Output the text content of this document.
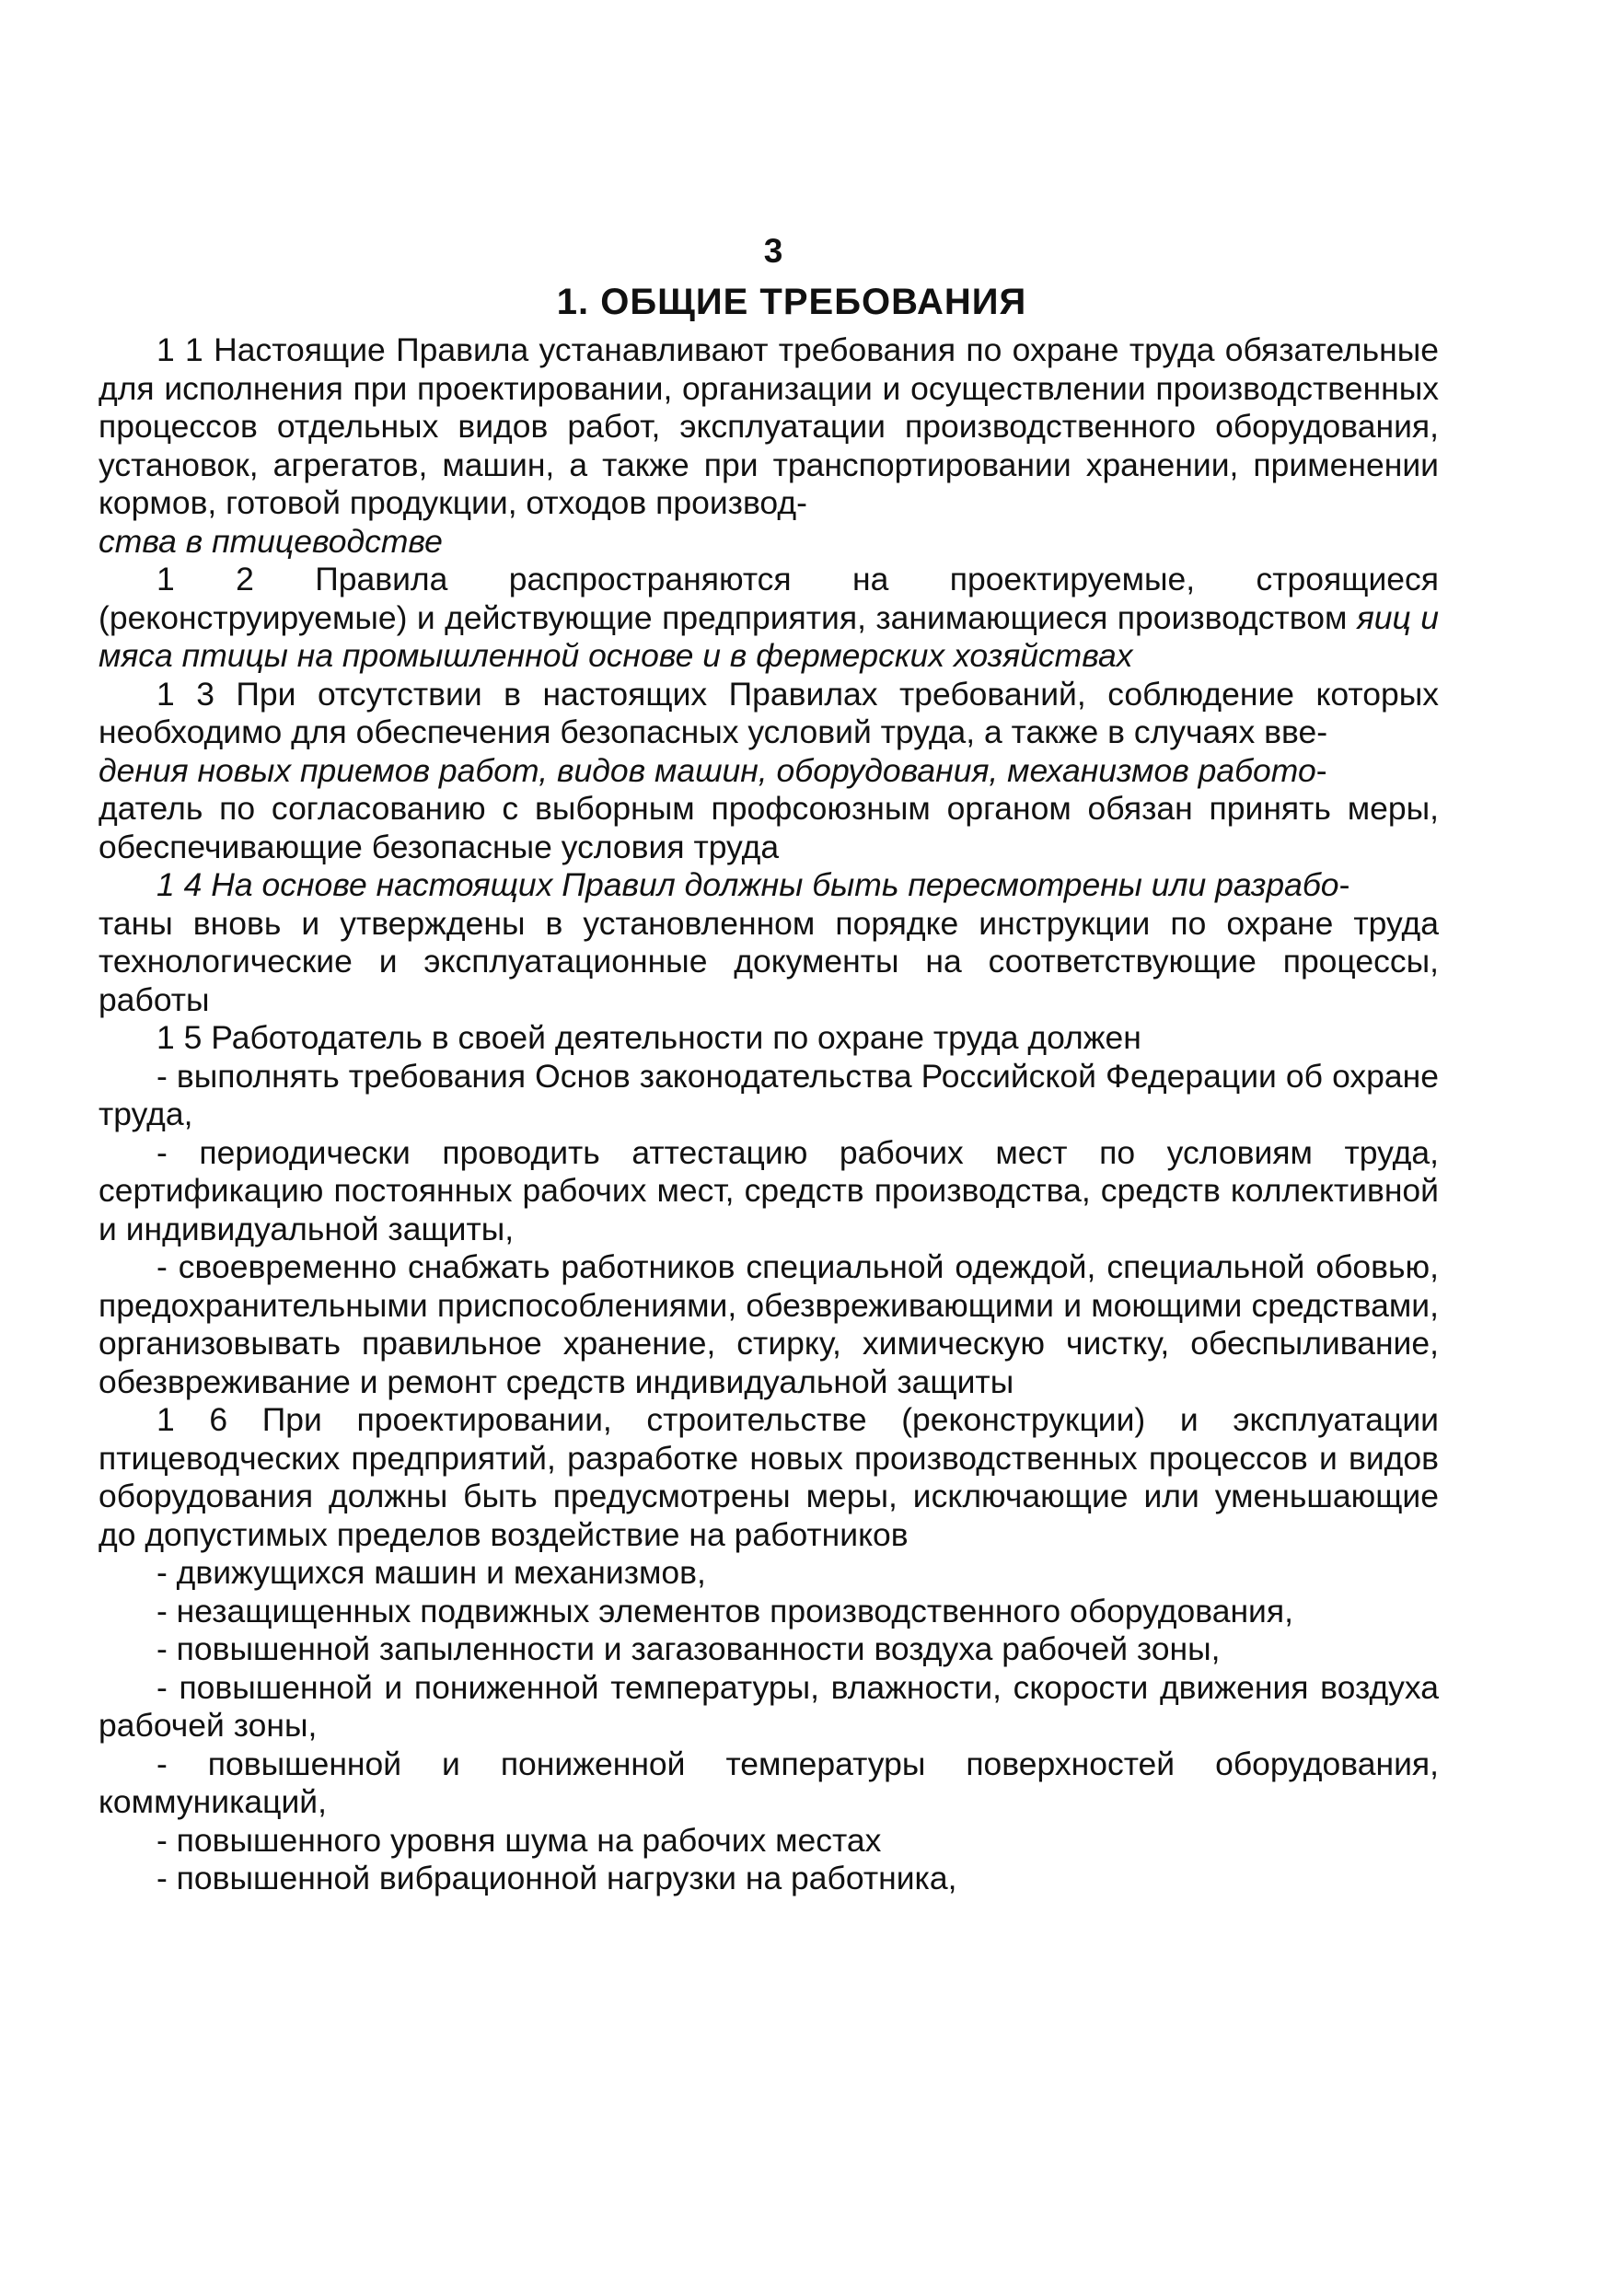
3
1. ОБЩИЕ ТРЕБОВАНИЯ

1 1 Настоящие Правила устанавливают требования по охране труда обязательные для исполнения при проектировании, организации и осуществлении производственных процессов отдельных видов работ, эксплуатации производственного оборудования, установок, агрегатов, машин, а также при транспортировании хранении, применении кормов, готовой продукции, отходов производ-
ства в птицеводстве

1 2 Правила распространяются на проектируемые, строящиеся (реконструируемые) и действующие предприятия, занимающиеся производством яиц и мяса птицы на промышленной основе и в фермерских хозяйствах

1 3 При отсутствии в настоящих Правилах требований, соблюдение которых необходимо для обеспечения безопасных условий труда, а также в случаях вве-
дения новых приемов работ, видов машин, оборудования, механизмов работо-
датель по согласованию с выборным профсоюзным органом обязан принять меры, обеспечивающие безопасные условия труда

1 4 На основе настоящих Правил должны быть пересмотрены или разрабо-
таны вновь и утверждены в установленном порядке инструкции по охране труда технологические и эксплуатационные документы на соответствующие процессы, работы

1 5 Работодатель в своей деятельности по охране труда должен

- выполнять требования Основ законодательства Российской Федерации об охране труда,

- периодически проводить аттестацию рабочих мест по условиям труда, сертификацию постоянных рабочих мест, средств производства, средств коллективной и индивидуальной защиты,

- своевременно снабжать работников специальной одеждой, специальной обовью, предохранительными приспособлениями, обезвреживающими и моющими средствами, организовывать правильное хранение, стирку, химическую чистку, обеспыливание, обезвреживание и ремонт средств индивидуальной защиты

1 6 При проектировании, строительстве (реконструкции) и эксплуатации птицеводческих предприятий, разработке новых производственных процессов и видов оборудования должны быть предусмотрены меры, исключающие или уменьшающие до допустимых пределов воздействие на работников

- движущихся машин и механизмов,

- незащищенных подвижных элементов производственного оборудования,

- повышенной запыленности и загазованности воздуха рабочей зоны,

- повышенной и пониженной температуры, влажности, скорости движения воздуха рабочей зоны,

- повышенной и пониженной температуры поверхностей оборудования, коммуникаций,

- повышенного уровня шума на рабочих местах

- повышенной вибрационной нагрузки на работника,
